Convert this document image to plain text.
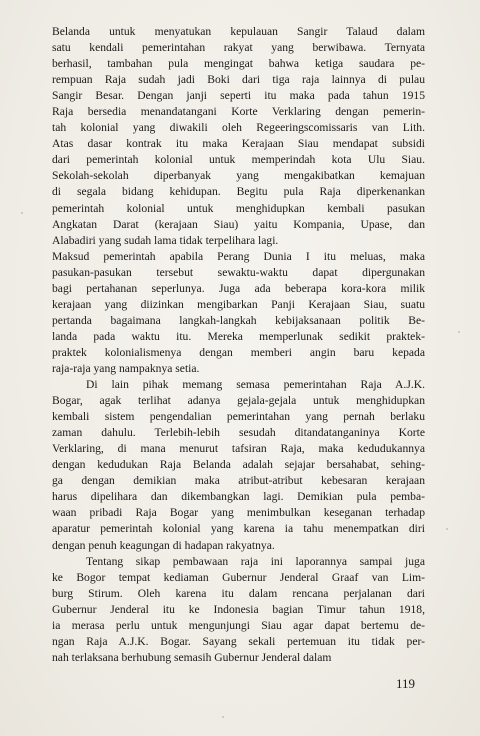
Belanda untuk menyatukan kepulauan Sangir Talaud dalam
satu kendali pemerintahan rakyat yang berwibawa. Ternyata
berhasil, tambahan pula mengingat bahwa ketiga saudara pe-
rempuan Raja sudah jadi Boki dari tiga raja lainnya di pulau
Sangir Besar. Dengan janji seperti itu maka pada tahun 1915
Raja bersedia menandatangani Korte Verklaring dengan pemerin-
tah kolonial yang diwakili oleh Regeeringscomissaris van Lith.
Atas dasar kontrak itu maka Kerajaan Siau mendapat subsidi
dari pemerintah kolonial untuk memperindah kota Ulu Siau.
Sekolah-sekolah diperbanyak yang mengakibatkan kemajuan
di segala bidang kehidupan. Begitu pula Raja diperkenankan
pemerintah kolonial untuk menghidupkan kembali pasukan
Angkatan Darat (kerajaan Siau) yaitu Kompania, Upase, dan
Alabadiri yang sudah lama tidak terpelihara lagi.
Maksud pemerintah apabila Perang Dunia I itu meluas, maka
pasukan-pasukan tersebut sewaktu-waktu dapat dipergunakan
bagi pertahanan seperlunya. Juga ada beberapa kora-kora milik
kerajaan yang diizinkan mengibarkan Panji Kerajaan Siau, suatu
pertanda bagaimana langkah-langkah kebijaksanaan politik Be-
landa pada waktu itu. Mereka memperlunak sedikit praktek-
praktek kolonialismenya dengan memberi angin baru kepada
raja-raja yang nampaknya setia.
Di lain pihak memang semasa pemerintahan Raja A.J.K.
Bogar, agak terlihat adanya gejala-gejala untuk menghidupkan
kembali sistem pengendalian pemerintahan yang pernah berlaku
zaman dahulu. Terlebih-lebih sesudah ditandatanganinya Korte
Verklaring, di mana menurut tafsiran Raja, maka kedudukannya
dengan kedudukan Raja Belanda adalah sejajar bersahabat, sehing-
ga dengan demikian maka atribut-atribut kebesaran kerajaan
harus dipelihara dan dikembangkan lagi. Demikian pula pemba-
waan pribadi Raja Bogar yang menimbulkan keseganan terhadap
aparatur pemerintah kolonial yang karena ia tahu menempatkan diri
dengan penuh keagungan di hadapan rakyatnya.
Tentang sikap pembawaan raja ini laporannya sampai juga
ke Bogor tempat kediaman Gubernur Jenderal Graaf van Lim-
burg Stirum. Oleh karena itu dalam rencana perjalanan dari
Gubernur Jenderal itu ke Indonesia bagian Timur tahun 1918,
ia merasa perlu untuk mengunjungi Siau agar dapat bertemu de-
ngan Raja A.J.K. Bogar. Sayang sekali pertemuan itu tidak per-
nah terlaksana berhubung semasih Gubernur Jenderal dalam
119
